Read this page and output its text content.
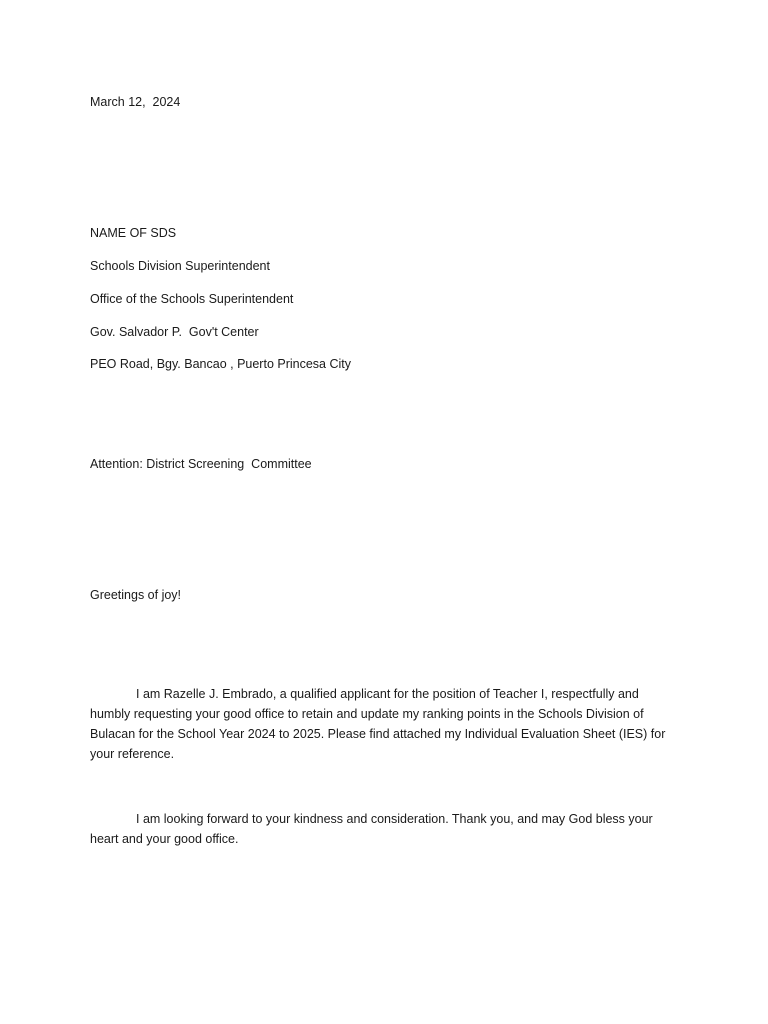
March 12,  2024

NAME OF SDS

Schools Division Superintendent

Office of the Schools Superintendent

Gov. Salvador P.  Gov't Center

PEO Road, Bgy. Bancao , Puerto Princesa City

Attention: District Screening  Committee

Greetings of joy!

I am Razelle J. Embrado, a qualified applicant for the position of Teacher I, respectfully and humbly requesting your good office to retain and update my ranking points in the Schools Division of Bulacan for the School Year 2024 to 2025. Please find attached my Individual Evaluation Sheet (IES) for your reference.

I am looking forward to your kindness and consideration. Thank you, and may God bless your heart and your good office.
